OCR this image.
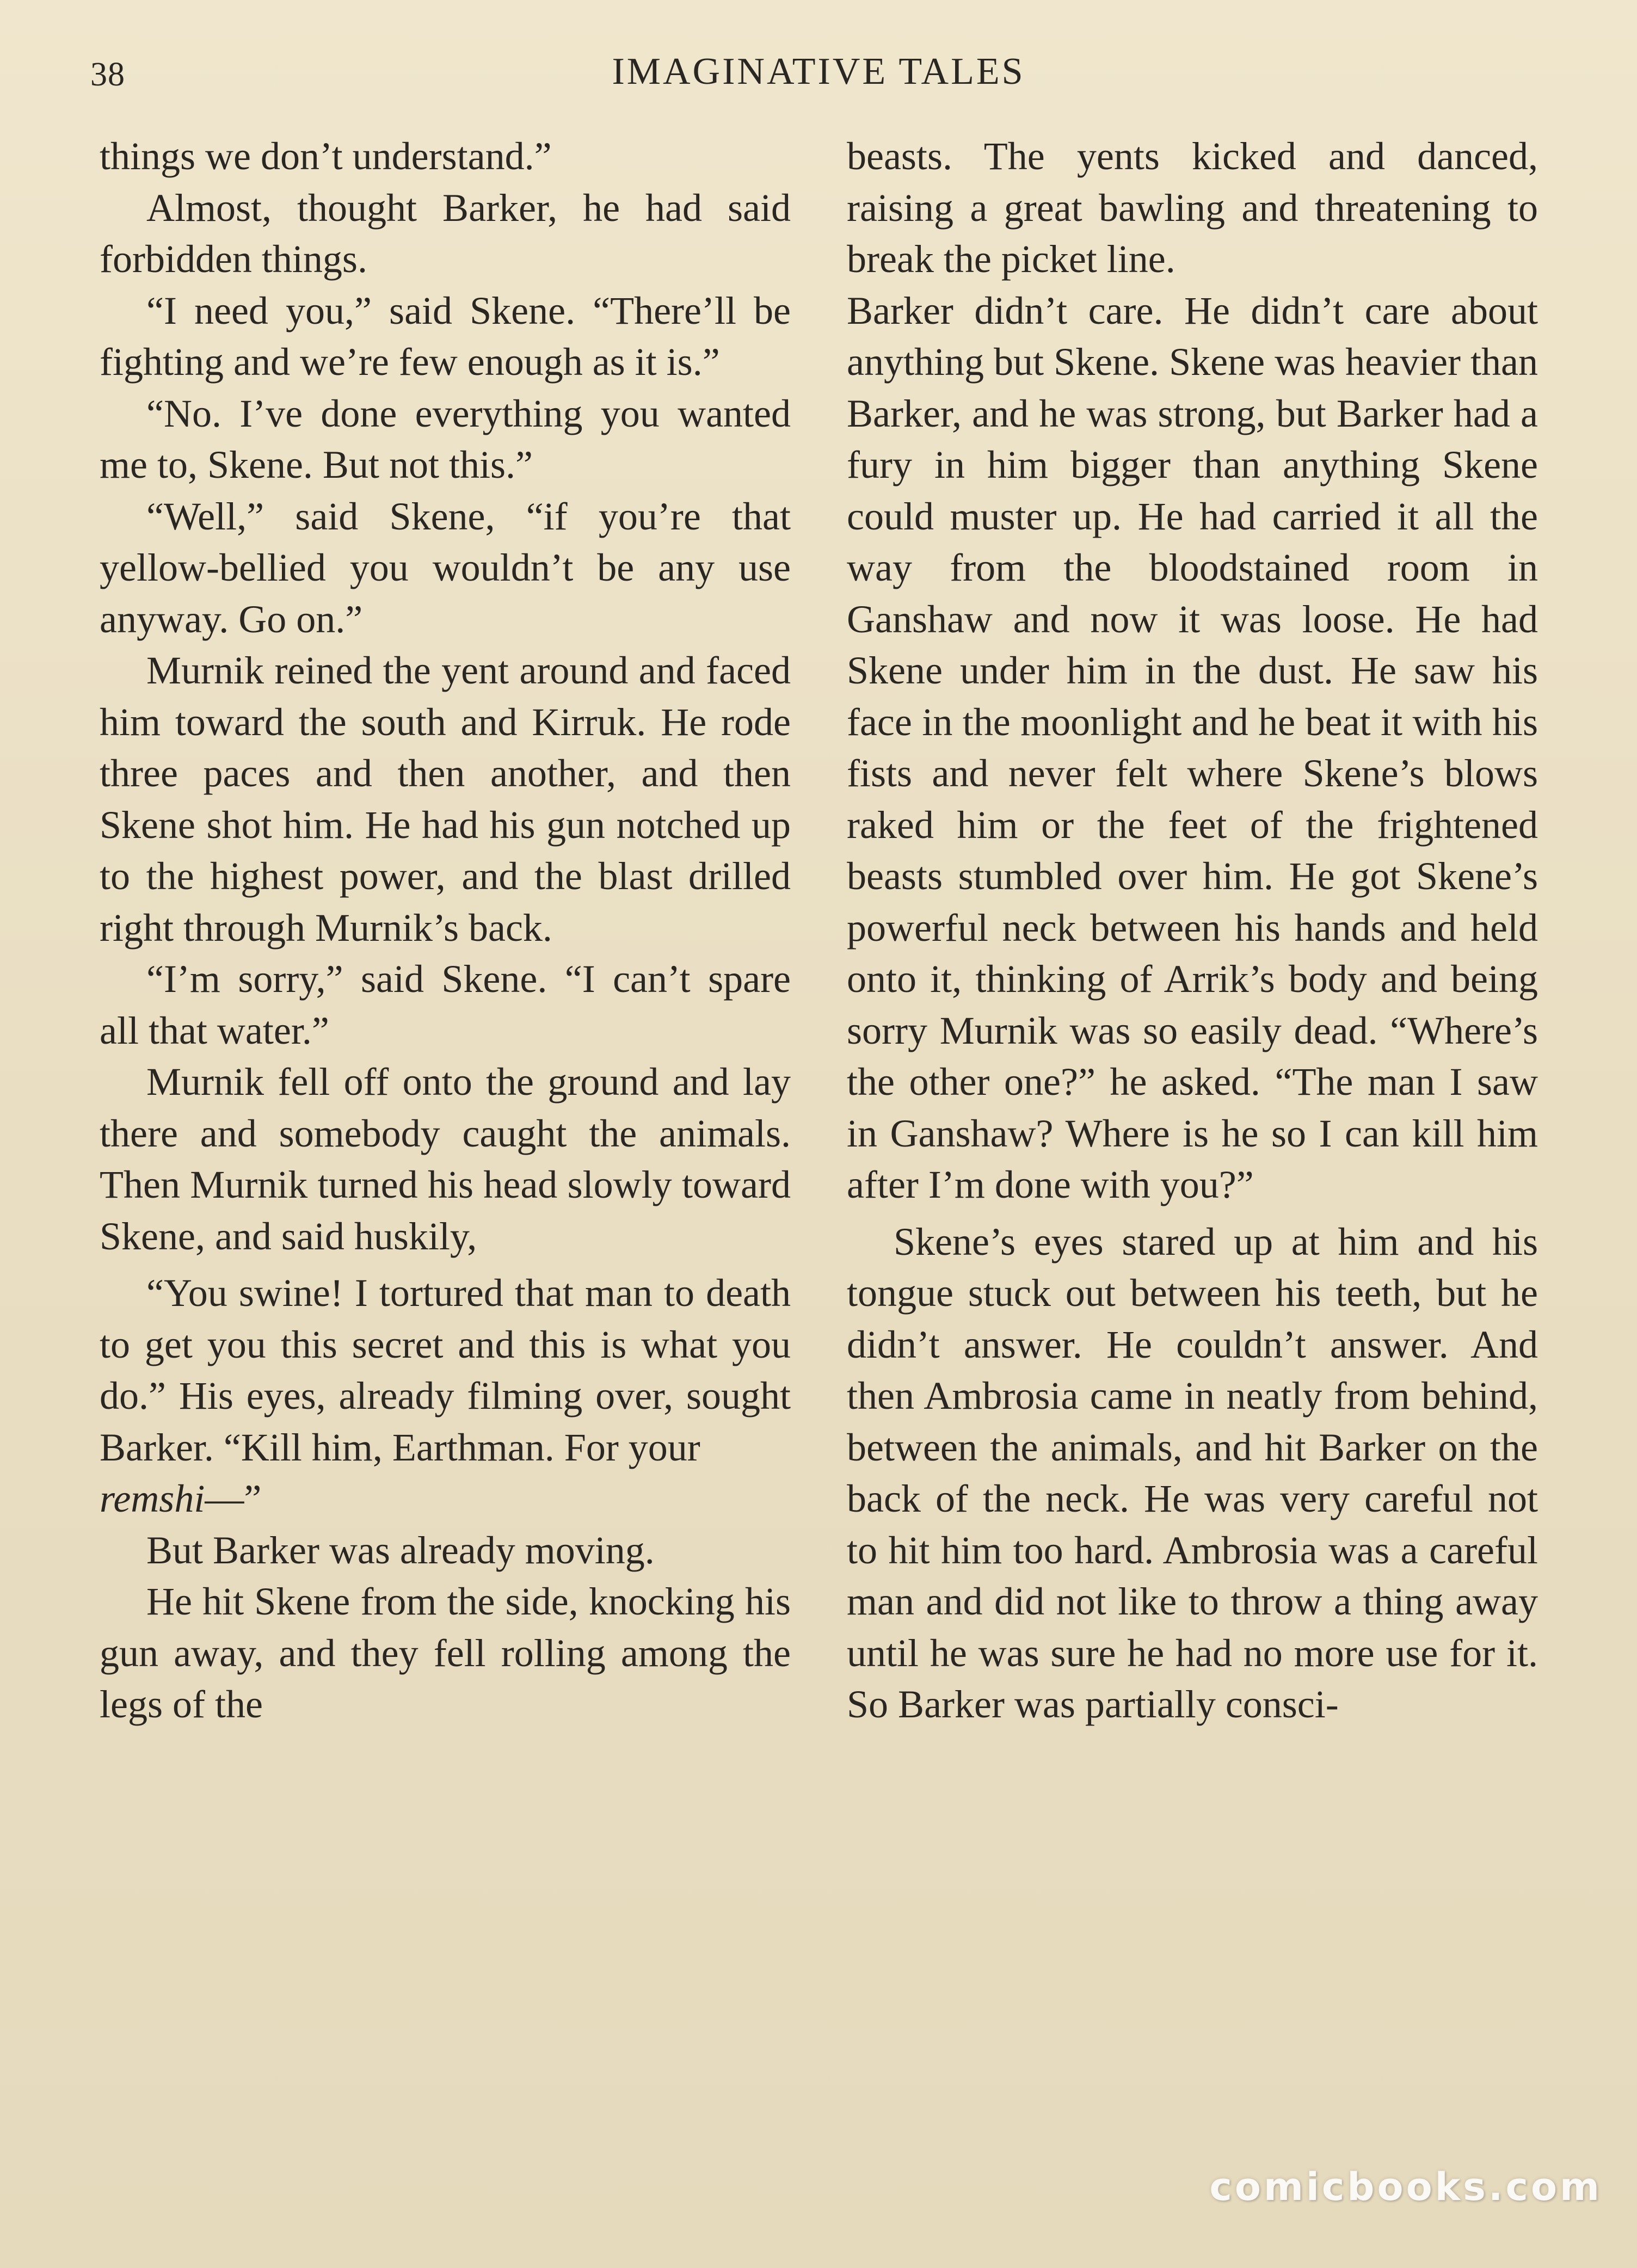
38	IMAGINATIVE TALES

things we don’t understand.”

Almost, thought Barker, he had said forbidden things.

“I need you,” said Skene. “There’ll be fighting and we’re few enough as it is.”

“No. I’ve done everything you wanted me to, Skene. But not this.”

“Well,” said Skene, “if you’re that yellow-bellied you wouldn’t be any use anyway. Go on.”

Murnik reined the yent around and faced him toward the south and Kirruk. He rode three paces and then another, and then Skene shot him. He had his gun notched up to the highest power, and the blast drilled right through Murnik’s back.

“I’m sorry,” said Skene. “I can’t spare all that water.”

Murnik fell off onto the ground and lay there and somebody caught the animals. Then Murnik turned his head slowly toward Skene, and said huskily,

“You swine! I tortured that man to death to get you this secret and this is what you do.” His eyes, already filming over, sought Barker. “Kill him, Earthman. For your
remshi—”

But Barker was already moving.

He hit Skene from the side, knocking his gun away, and they fell rolling among the legs of the

beasts. The yents kicked and danced, raising a great bawling and threatening to break the picket line.

Barker didn’t care. He didn’t care about anything but Skene. Skene was heavier than Barker, and he was strong, but Barker had a fury in him bigger than anything Skene could muster up. He had carried it all the way from the bloodstained room in Ganshaw and now it was loose. He had Skene under him in the dust. He saw his face in the moonlight and he beat it with his fists and never felt where Skene’s blows raked him or the feet of the frightened beasts stumbled over him. He got Skene’s powerful neck between his hands and held onto it, thinking of Arrik’s body and being sorry Murnik was so easily dead. “Where’s the other one?” he asked. “The man I saw in Ganshaw? Where is he so I can kill him after I’m done with you?”

Skene’s eyes stared up at him and his tongue stuck out between his teeth, but he didn’t answer. He couldn’t answer. And then Ambrosia came in neatly from behind, between the animals, and hit Barker on the back of the neck. He was very careful not to hit him too hard. Ambrosia was a careful man and did not like to throw a thing away until he was sure he had no more use for it. So Barker was partially consci-

comicbooks.com
